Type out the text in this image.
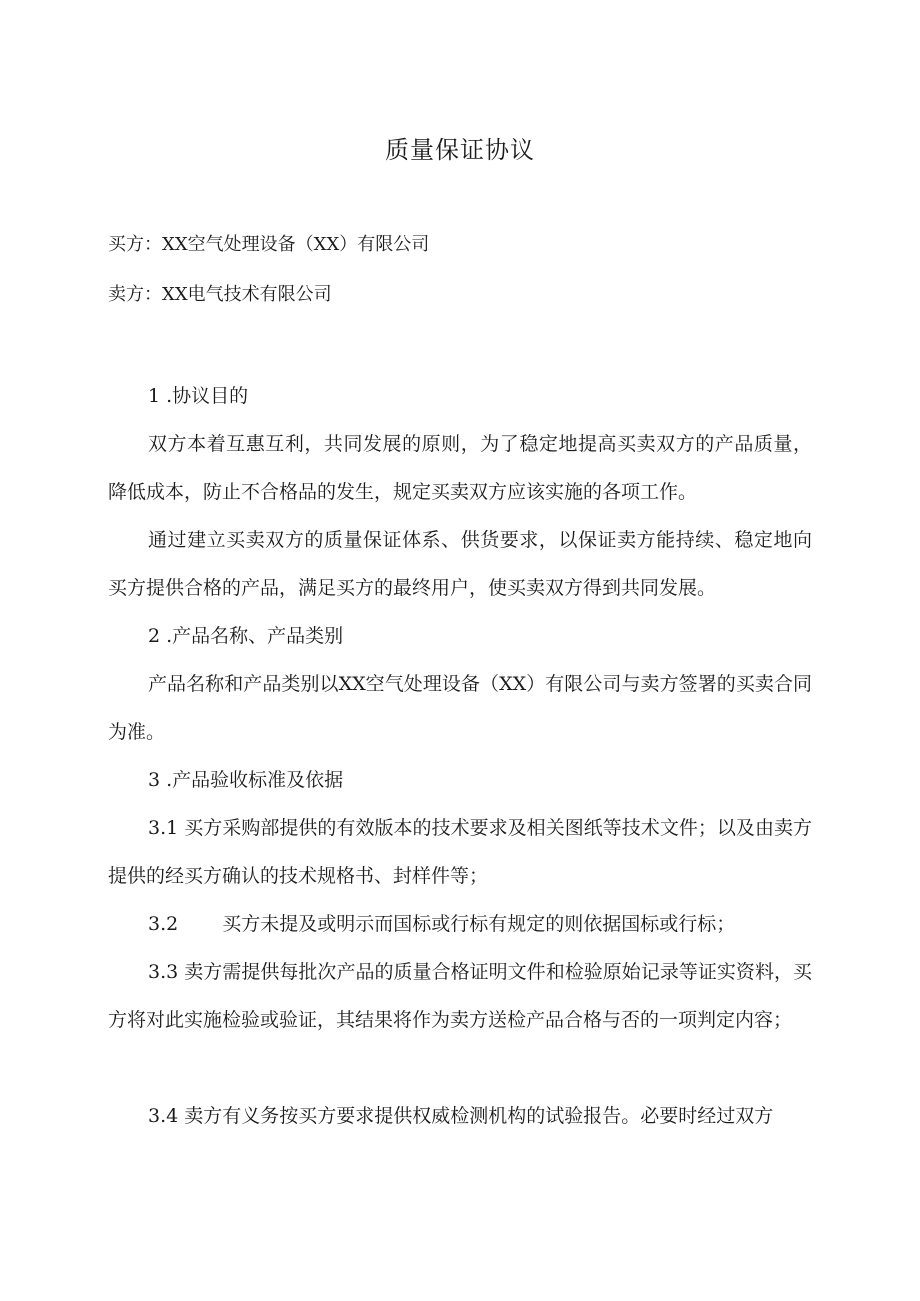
质量保证协议

买方：XX空气处理设备（XX）有限公司

卖方：XX电气技术有限公司

1 .协议目的

双方本着互惠互利，共同发展的原则，为了稳定地提高买卖双方的产品质量，降低成本，防止不合格品的发生，规定买卖双方应该实施的各项工作。

通过建立买卖双方的质量保证体系、供货要求，以保证卖方能持续、稳定地向买方提供合格的产品，满足买方的最终用户，使买卖双方得到共同发展。

2 .产品名称、产品类别

产品名称和产品类别以XX空气处理设备（XX）有限公司与卖方签署的买卖合同为准。

3 .产品验收标准及依据

3.1 买方采购部提供的有效版本的技术要求及相关图纸等技术文件；以及由卖方提供的经买方确认的技术规格书、封样件等；

3.2 买方未提及或明示而国标或行标有规定的则依据国标或行标；

3.3 卖方需提供每批次产品的质量合格证明文件和检验原始记录等证实资料，买方将对此实施检验或验证，其结果将作为卖方送检产品合格与否的一项判定内容；

3.4 卖方有义务按买方要求提供权威检测机构的试验报告。必要时经过双方
